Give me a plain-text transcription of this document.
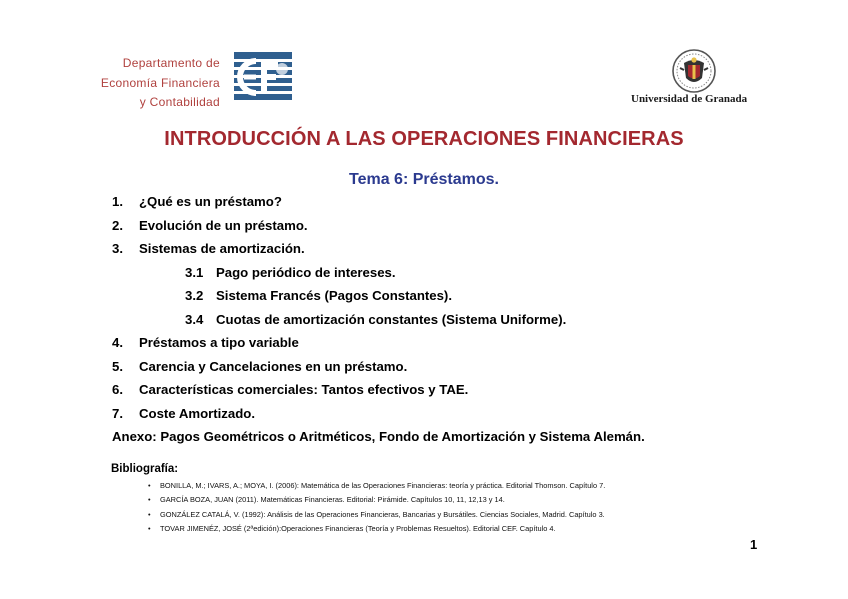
Departamento de
Economía Financiera
y Contabilidad	Universidad de Granada
INTRODUCCIÓN A LAS OPERACIONES FINANCIERAS
Tema 6: Préstamos.
1. ¿Qué es un préstamo?
2. Evolución de un préstamo.
3. Sistemas de amortización.
3.1 Pago periódico de intereses.
3.2 Sistema Francés (Pagos Constantes).
3.4 Cuotas de amortización constantes (Sistema Uniforme).
4. Préstamos a tipo variable
5. Carencia y Cancelaciones en un préstamo.
6. Características comerciales: Tantos efectivos y TAE.
7. Coste Amortizado.
Anexo: Pagos Geométricos o Aritméticos, Fondo de Amortización y Sistema Alemán.
Bibliografía:
• BONILLA, M.; IVARS, A.; MOYA, I. (2006): Matemática de las Operaciones Financieras: teoría y práctica. Editorial Thomson. Capítulo 7.
• GARCÍA BOZA, JUAN (2011). Matemáticas Financieras. Editorial: Pirámide. Capítulos 10, 11, 12,13 y 14.
• GONZÁLEZ CATALÁ, V. (1992): Análisis de las Operaciones Financieras, Bancarias y Bursátiles. Ciencias Sociales, Madrid. Capítulo 3.
• TOVAR JIMENÉZ, JOSÉ (2ªedición):Operaciones Financieras (Teoría y Problemas Resueltos). Editorial CEF. Capítulo 4.
1
